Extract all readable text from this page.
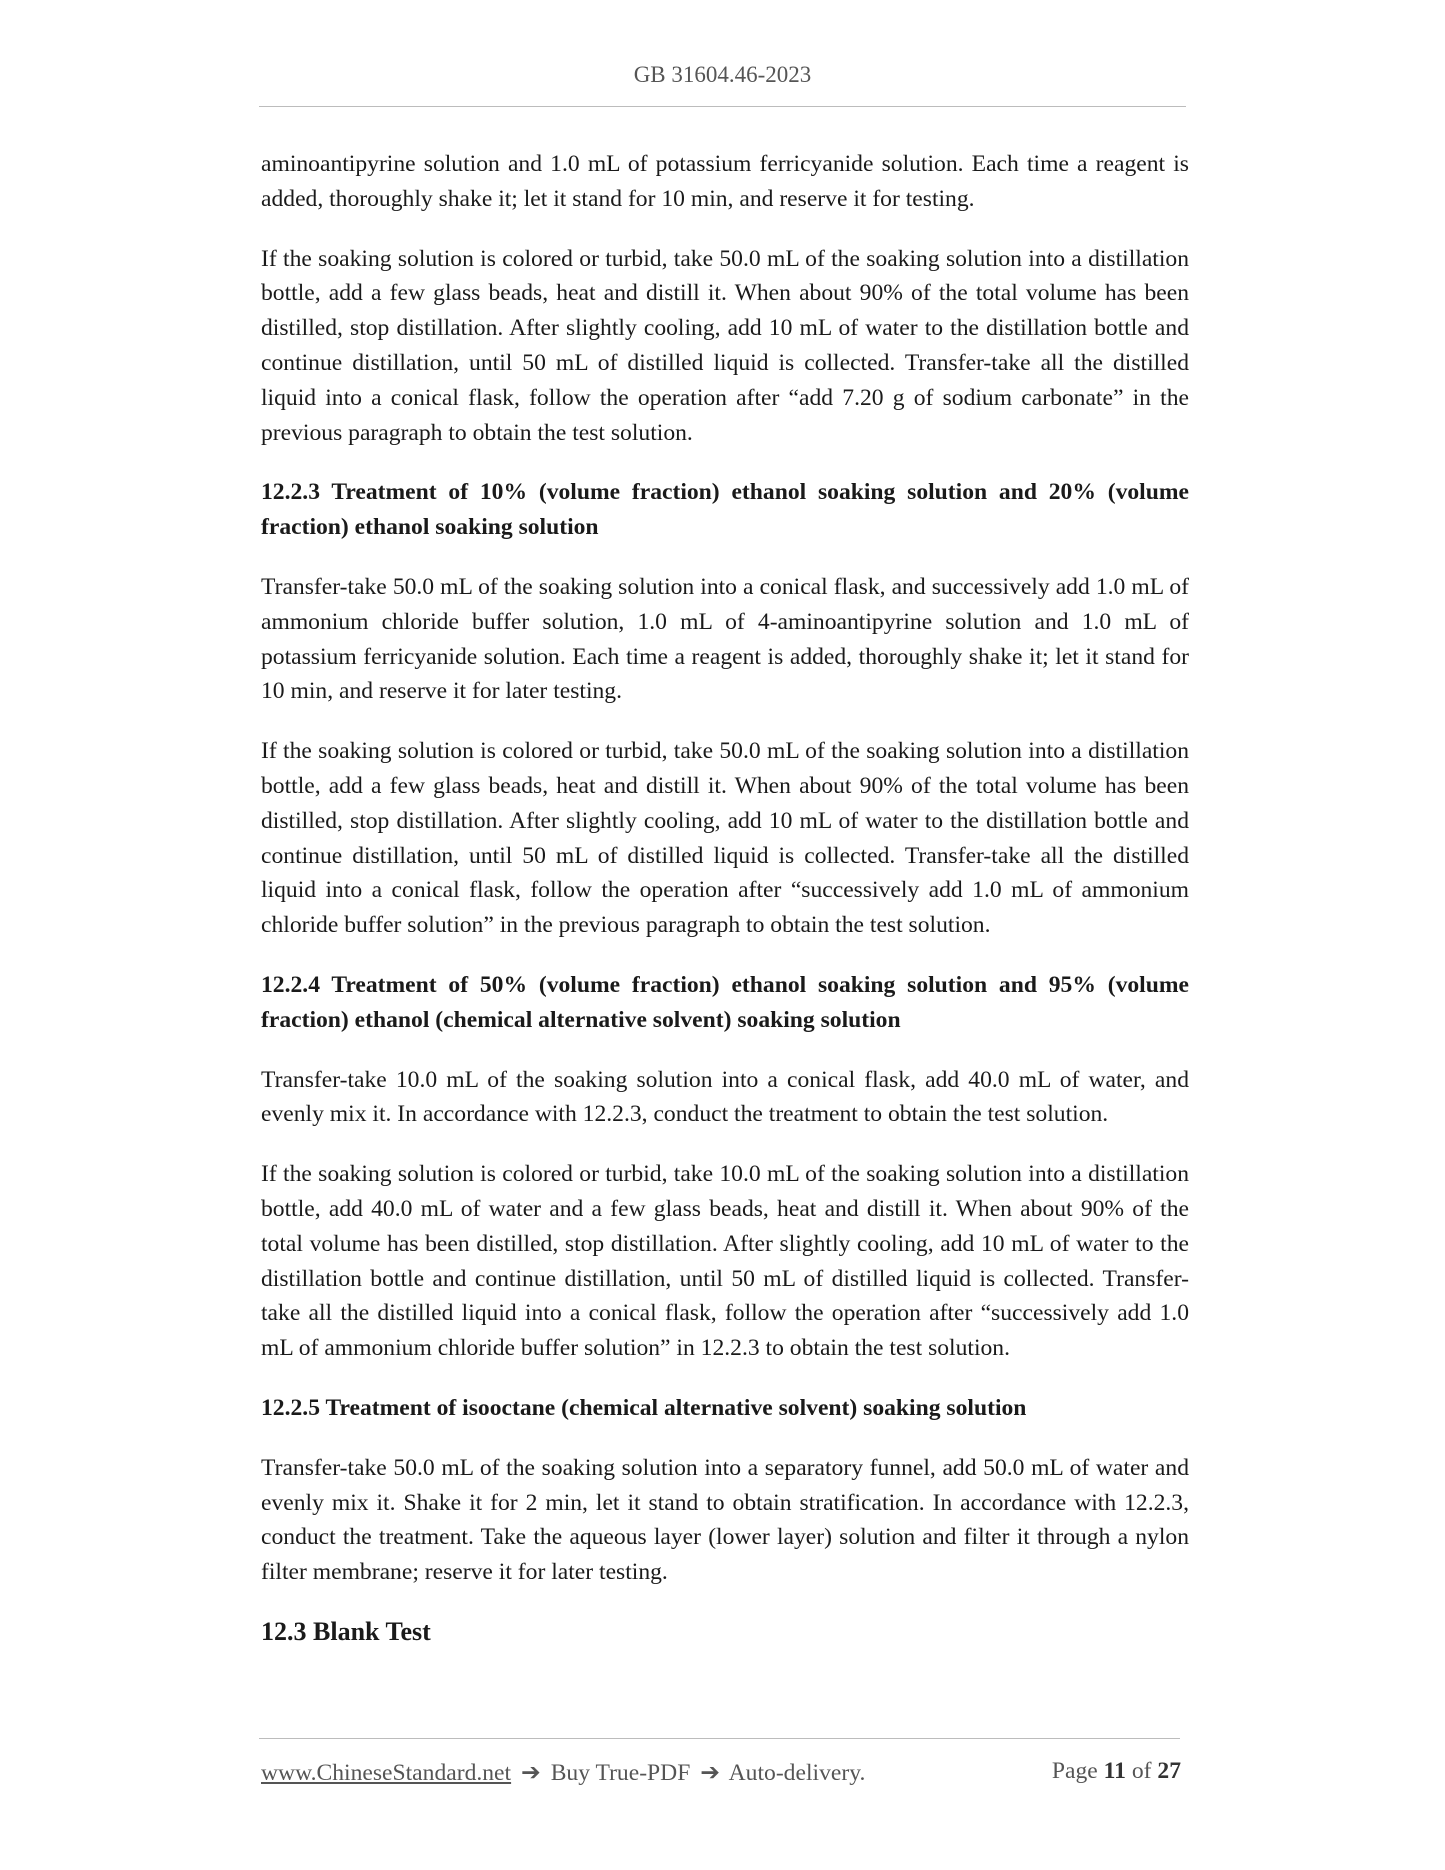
GB 31604.46-2023

aminoantipyrine solution and 1.0 mL of potassium ferricyanide solution. Each time a reagent is added, thoroughly shake it; let it stand for 10 min, and reserve it for testing.

If the soaking solution is colored or turbid, take 50.0 mL of the soaking solution into a distillation bottle, add a few glass beads, heat and distill it. When about 90% of the total volume has been distilled, stop distillation. After slightly cooling, add 10 mL of water to the distillation bottle and continue distillation, until 50 mL of distilled liquid is collected. Transfer-take all the distilled liquid into a conical flask, follow the operation after “add 7.20 g of sodium carbonate” in the previous paragraph to obtain the test solution.

12.2.3 Treatment of 10% (volume fraction) ethanol soaking solution and 20% (volume fraction) ethanol soaking solution

Transfer-take 50.0 mL of the soaking solution into a conical flask, and successively add 1.0 mL of ammonium chloride buffer solution, 1.0 mL of 4-aminoantipyrine solution and 1.0 mL of potassium ferricyanide solution. Each time a reagent is added, thoroughly shake it; let it stand for 10 min, and reserve it for later testing.

If the soaking solution is colored or turbid, take 50.0 mL of the soaking solution into a distillation bottle, add a few glass beads, heat and distill it. When about 90% of the total volume has been distilled, stop distillation. After slightly cooling, add 10 mL of water to the distillation bottle and continue distillation, until 50 mL of distilled liquid is collected. Transfer-take all the distilled liquid into a conical flask, follow the operation after “successively add 1.0 mL of ammonium chloride buffer solution” in the previous paragraph to obtain the test solution.

12.2.4 Treatment of 50% (volume fraction) ethanol soaking solution and 95% (volume fraction) ethanol (chemical alternative solvent) soaking solution

Transfer-take 10.0 mL of the soaking solution into a conical flask, add 40.0 mL of water, and evenly mix it. In accordance with 12.2.3, conduct the treatment to obtain the test solution.

If the soaking solution is colored or turbid, take 10.0 mL of the soaking solution into a distillation bottle, add 40.0 mL of water and a few glass beads, heat and distill it. When about 90% of the total volume has been distilled, stop distillation. After slightly cooling, add 10 mL of water to the distillation bottle and continue distillation, until 50 mL of distilled liquid is collected. Transfer-take all the distilled liquid into a conical flask, follow the operation after “successively add 1.0 mL of ammonium chloride buffer solution” in 12.2.3 to obtain the test solution.

12.2.5 Treatment of isooctane (chemical alternative solvent) soaking solution

Transfer-take 50.0 mL of the soaking solution into a separatory funnel, add 50.0 mL of water and evenly mix it. Shake it for 2 min, let it stand to obtain stratification. In accordance with 12.2.3, conduct the treatment. Take the aqueous layer (lower layer) solution and filter it through a nylon filter membrane; reserve it for later testing.

12.3 Blank Test

www.ChineseStandard.net ➔ Buy True-PDF ➔ Auto-delivery.	Page 11 of 27
